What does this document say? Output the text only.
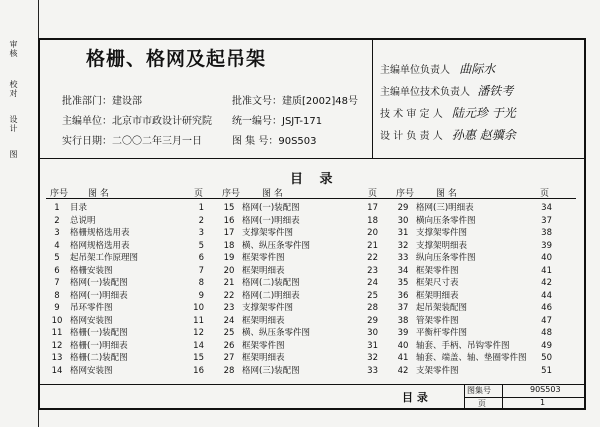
审核
校对
设计
图
格栅、格网及起吊架
批准部门：建设部
主编单位：北京市市政设计研究院
实行日期：二〇〇二年三月一日
批准文号：建质[2002]48号
统一编号：JSJT-171
图 集 号：90S503
主编单位负责人 曲际水
主编单位技术负责人 潘铁考
技 术 审 定 人 陆元珍 于光
设 计 负 责 人 孙惠 赵骥余
目 录
序号 图 名	页 序号 图 名	页 序号 图 名	页
1	目录	1
2	总说明	2
3	格栅规格选用表	3
4	格网规格选用表	5
5	起吊架工作原理图	6
6	格栅安装图	7
7	格网(一)装配图	8
8	格网(一)明细表	9
9	吊环零件图	10
10 格网安装图	11
11 格栅(一)装配图	12
12 格栅(一)明细表	14
13 格栅(二)装配图	15
14 格网安装图	16
15 格网(一)装配图	17
16 格网(一)明细表	18
17 支撑架零件图	20
18 横、纵压条零件图	21
19 框架零件图	22
20 框架明细表	23
21 格网(二)装配图	24
22 格网(二)明细表	25
23 支撑架零件图	28
24 框架明细表	29
25 横、纵压条零件图	30
26 框架零件图	31
27 框架明细表	32
28 格网(三)装配图	33
29 格网(三)明细表	34
30 横向压条零件图	37
31 支撑架零件图	38
32 支撑架明细表	39
33 纵向压条零件图	40
34 框架零件图	41
35 框架尺寸表	42
36 框架明细表	44
37 起吊架装配图	46
38 管架零件图	47
39 平衡杆零件图	48
40 轴套、手柄、吊钩零件图	49
41 轴套、端盖、轴、垫圈零件图	50
42 支架零件图	51
目 录
图集号	90S503
页	1
